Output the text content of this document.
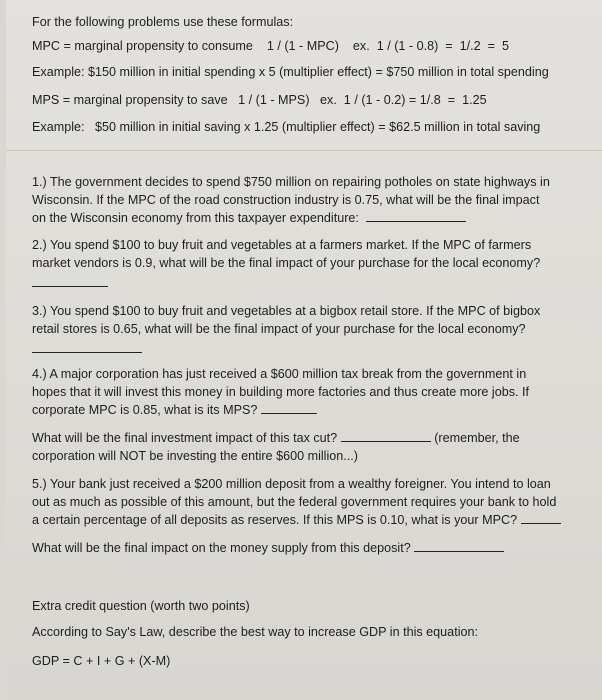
For the following problems use these formulas:
MPC = marginal propensity to consume    1 / (1 - MPC)    ex.  1 / (1 - 0.8)  =  1/.2  =  5
Example: $150 million in initial spending x 5 (multiplier effect) = $750 million in total spending
MPS = marginal propensity to save   1 / (1 - MPS)   ex.  1 / (1 - 0.2) = 1/.8  =  1.25
Example:   $50 million in initial saving x 1.25 (multiplier effect) = $62.5 million in total saving
1.) The government decides to spend $750 million on repairing potholes on state highways in
Wisconsin. If the MPC of the road construction industry is 0.75, what will be the final impact
on the Wisconsin economy from this taxpayer expenditure:
2.) You spend $100 to buy fruit and vegetables at a farmers market. If the MPC of farmers
market vendors is 0.9, what will be the final impact of your purchase for the local economy?
3.) You spend $100 to buy fruit and vegetables at a bigbox retail store. If the MPC of bigbox
retail stores is 0.65, what will be the final impact of your purchase for the local economy?
4.) A major corporation has just received a $600 million tax break from the government in
hopes that it will invest this money in building more factories and thus create more jobs. If
corporate MPC is 0.85, what is its MPS?
What will be the final investment impact of this tax cut?	(remember, the
corporation will NOT be investing the entire $600 million...)
5.) Your bank just received a $200 million deposit from a wealthy foreigner. You intend to loan
out as much as possible of this amount, but the federal government requires your bank to hold
a certain percentage of all deposits as reserves. If this MPS is 0.10, what is your MPC?
What will be the final impact on the money supply from this deposit?
Extra credit question (worth two points)
According to Say's Law, describe the best way to increase GDP in this equation:
GDP = C + I + G + (X-M)
